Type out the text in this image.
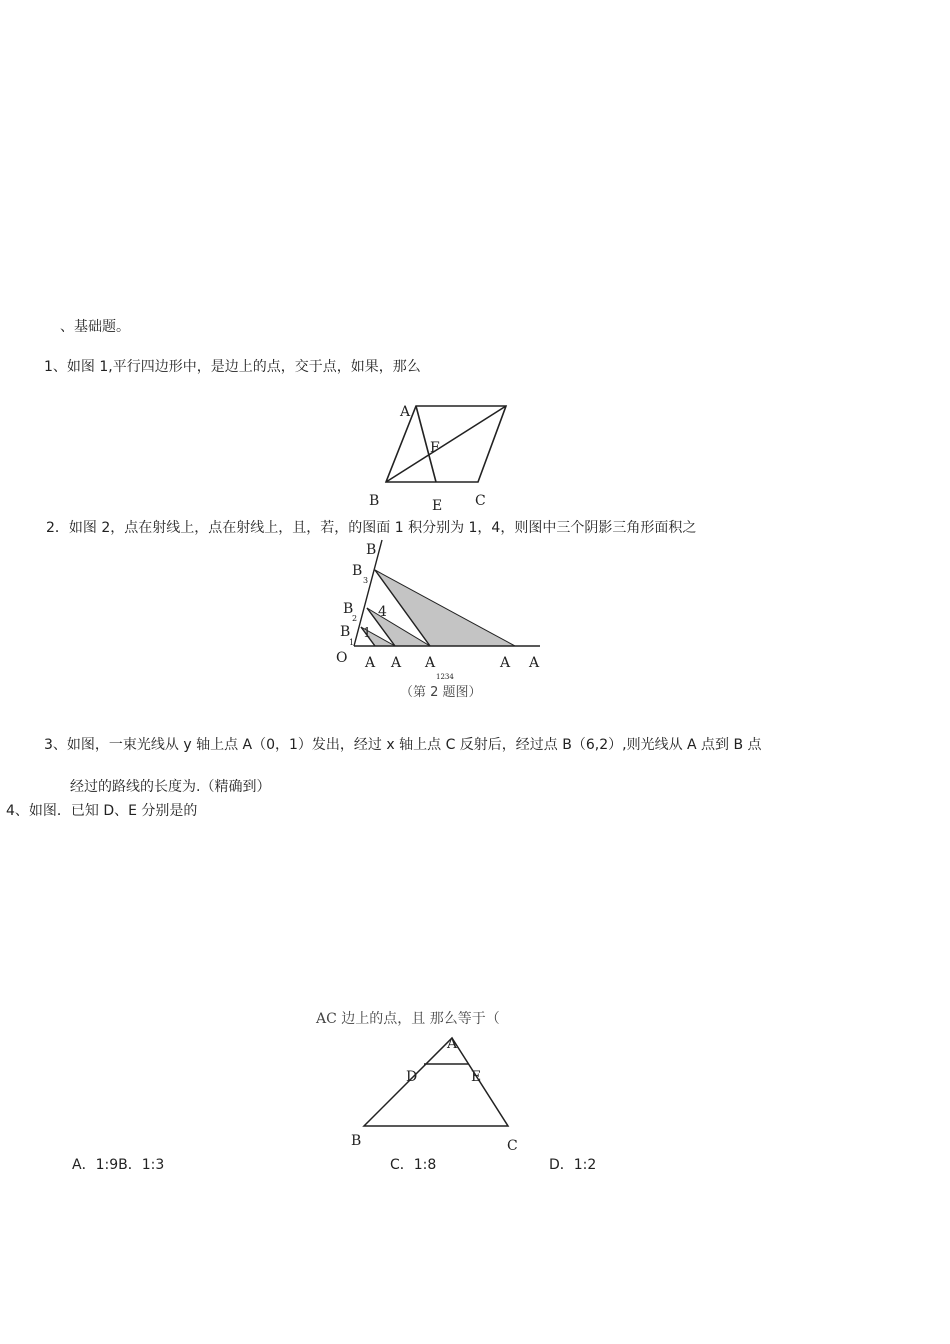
、基础题。
1、如图 1,平行四边形中，是边上的点，交于点，如果，那么
A
F
B	E C
2．如图 2，点在射线上，点在射线上，且，若，的图面 1 积分别为 1，4，则图中三个阴影三角形面积之
B
B
3
B
2
B
1
O
1
4
A A A	A A
1234
（第 2 题图）
3、如图，一束光线从 y 轴上点 A（0，1）发出，经过 x 轴上点 C 反射后，经过点 B（6,2）,则光线从 A 点到 B 点
经过的路线的长度为.（精确到）
4、如图．已知 D、E 分别是的
AC 边上的点，且 那么等于（
A
D	E
B	C
A．1:9B．1:3	C．1:8	D．1:2
